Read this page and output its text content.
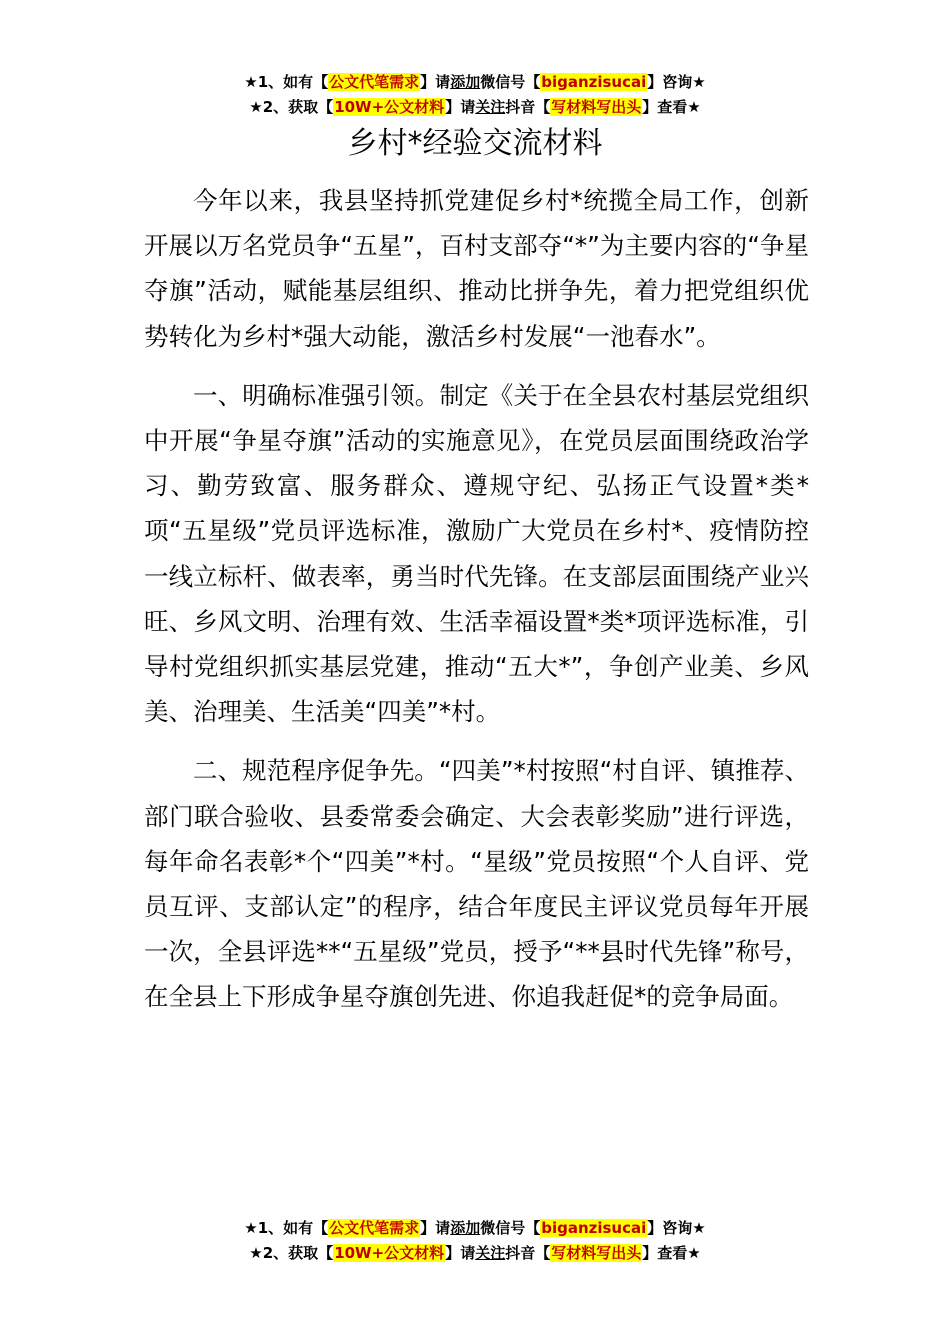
★1、如有【公文代笔需求】请添加微信号【biganzisucai】咨询★
★2、获取【10W+公文材料】请关注抖音【写材料写出头】查看★
乡村*经验交流材料

今年以来，我县坚持抓党建促乡村*统揽全局工作，创新开展以万名党员争“五星”，百村支部夺“*”为主要内容的“争星夺旗”活动，赋能基层组织、推动比拼争先，着力把党组织优势转化为乡村*强大动能，激活乡村发展“一池春水”。

一、明确标准强引领。制定《关于在全县农村基层党组织中开展“争星夺旗”活动的实施意见》，在党员层面围绕政治学习、勤劳致富、服务群众、遵规守纪、弘扬正气设置*类*项“五星级”党员评选标准，激励广大党员在乡村*、疫情防控一线立标杆、做表率，勇当时代先锋。在支部层面围绕产业兴旺、乡风文明、治理有效、生活幸福设置*类*项评选标准，引导村党组织抓实基层党建，推动“五大*”，争创产业美、乡风美、治理美、生活美“四美”*村。

二、规范程序促争先。“四美”*村按照“村自评、镇推荐、部门联合验收、县委常委会确定、大会表彰奖励”进行评选，每年命名表彰*个“四美”*村。“星级”党员按照“个人自评、党员互评、支部认定”的程序，结合年度民主评议党员每年开展一次，全县评选**“五星级”党员，授予“**县时代先锋”称号，在全县上下形成争星夺旗创先进、你追我赶促*的竞争局面。

★1、如有【公文代笔需求】请添加微信号【biganzisucai】咨询★
★2、获取【10W+公文材料】请关注抖音【写材料写出头】查看★
